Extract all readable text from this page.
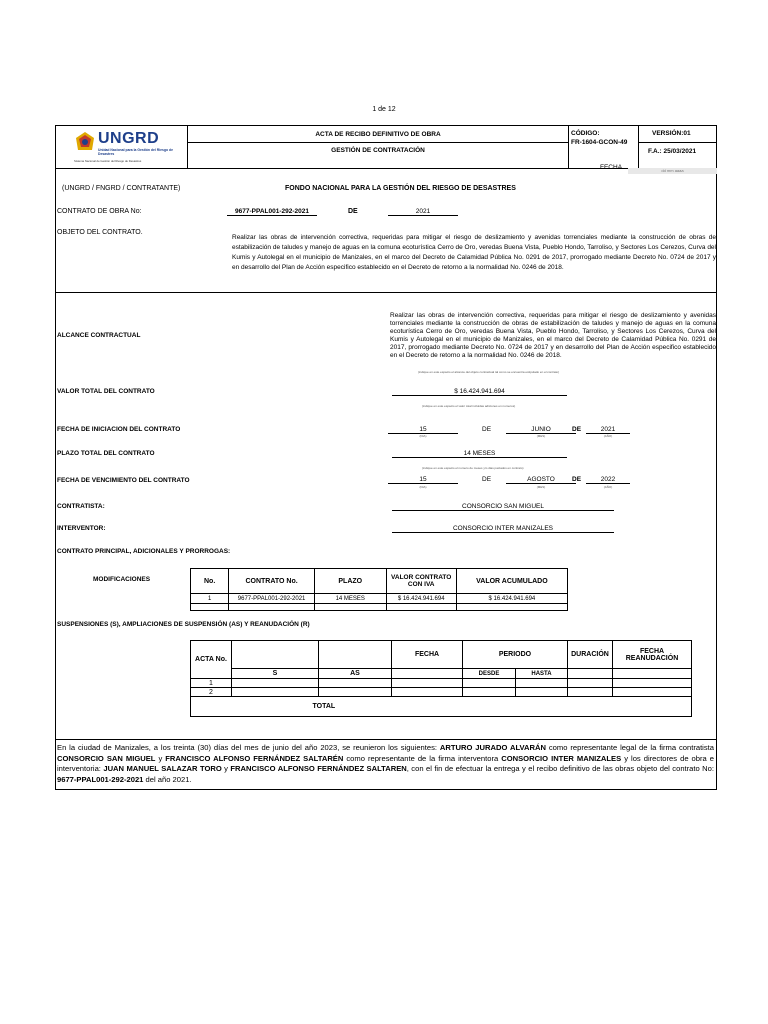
1 de 12
UNGRD
Unidad Nacional para la Gestión del Riesgo de Desastres
Sistema Nacional de Gestión del Riesgo de Desastres
ACTA DE RECIBO DEFINITIVO DE OBRA
GESTIÓN DE CONTRATACIÓN
CÓDIGO:
FR-1604-GCON-49
VERSIÓN:01
F.A.: 25/03/2021
FECHA	dd mm aaaa
(UNGRD / FNGRD / CONTRATANTE)	FONDO NACIONAL PARA LA GESTIÓN DEL RIESGO DE DESASTRES
CONTRATO DE OBRA No:	9677-PPAL001-292-2021	DE	2021
OBJETO DEL CONTRATO.
Realizar las obras de intervención correctiva, requeridas para mitigar el riesgo de deslizamiento y avenidas torrenciales mediante la construcción de obras de estabilización de taludes y manejo de aguas en la comuna ecoturística Cerro de Oro, veredas Buena Vista, Pueblo Hondo, Tarroliso, y Sectores Los Cerezos, Curva del Kumis y Autolegal en el municipio de Manizales, en el marco del Decreto de Calamidad Pública No. 0291 de 2017, prorrogado mediante Decreto No. 0724 de 2017 y en desarrollo del Plan de Acción especifico establecido en el Decreto de retorno a la normalidad No. 0246 de 2018.
ALCANCE CONTRACTUAL
Realizar las obras de intervención correctiva, requeridas para mitigar el riesgo de deslizamiento y avenidas torrenciales mediante la construcción de obras de estabilización de taludes y manejo de aguas en la comuna ecoturística Cerro de Oro, veredas Buena Vista, Pueblo Hondo, Tarroliso, y Sectores Los Cerezos, Curva del Kumis y Autolegal en el municipio de Manizales, en el marco del Decreto de Calamidad Pública No. 0291 de 2017, prorrogado mediante Decreto No. 0724 de 2017 y en desarrollo del Plan de Acción especifico establecido en el Decreto de retorno a la normalidad No. 0246 de 2018.
(indique en este espacio el alcance del objeto contractual tal como se encuentra estipulado en el contrato)
VALOR TOTAL DEL CONTRATO	$ 16.424.941.694
(indique en este espacio el valor total incluidas adiciones en numeros)
FECHA DE INICIACION DEL CONTRATO	15
(DIA)
DE	JUNIO
(MES)
DE	2021
(AÑO)
PLAZO TOTAL DEL CONTRATO	14 MESES
(indique en este espacio el numero de meses y/o dias pactados en contrato)
FECHA DE VENCIMIENTO DEL CONTRATO	15
(DIA)
DE	AGOSTO
(MES)
DE	2022
(AÑO)
CONTRATISTA:	CONSORCIO SAN MIGUEL
INTERVENTOR:	CONSORCIO INTER MANIZALES
CONTRATO PRINCIPAL, ADICIONALES Y PRORROGAS:
MODIFICACIONES	No.	CONTRATO No.	PLAZO	VALOR CONTRATO CON IVA	VALOR ACUMULADO
1	9677-PPAL001-292-2021	14 MESES	$ 16.424.941.694	$ 16.424.941.694

SUSPENSIONES (S), AMPLIACIONES DE SUSPENSIÓN (AS) Y REANUDACIÓN (R)
ACTA No.			FECHA	PERIODO		DURACIÓN	FECHA REANUDACIÓN
	S	AS		DESDE	HASTA		
1							
2							
				TOTAL			
En la ciudad de Manizales, a los treinta (30) días del mes de junio del año 2023, se reunieron los siguientes: ARTURO JURADO ALVARÁN como representante legal de la firma contratista CONSORCIO SAN MIGUEL y FRANCISCO ALFONSO FERNÁNDEZ SALTARÉN como representante de la firma interventora CONSORCIO INTER MANIZALES y los directores de obra e interventoria: JUAN MANUEL SALAZAR TORO y FRANCISCO ALFONSO FERNÁNDEZ SALTAREN, con el fin de efectuar la entrega y el recibo definitivo de las obras objeto del contrato No: 9677-PPAL001-292-2021 del año 2021.
